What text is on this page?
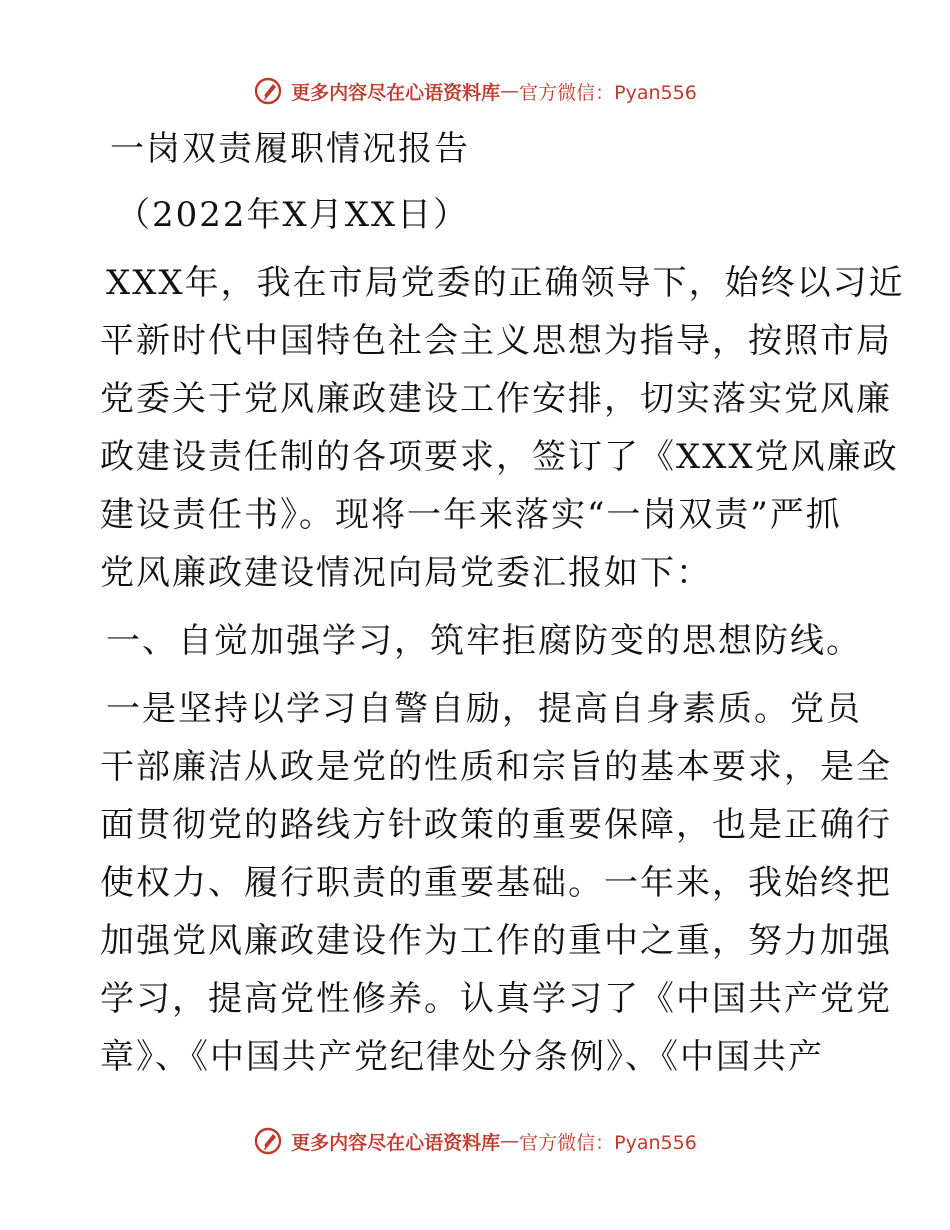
更多内容尽在心语资料库 — 官方微信：Pyan556
一岗双责履职情况报告
（2022年X月XX日）
XXX年，我在市局党委的正确领导下，始终以习近
平新时代中国特色社会主义思想为指导，按照市局
党委关于党风廉政建设工作安排，切实落实党风廉
政建设责任制的各项要求，签订了《XXX党风廉政
建设责任书》。现将一年来落实“一岗双责”严抓
党风廉政建设情况向局党委汇报如下：
一、自觉加强学习，筑牢拒腐防变的思想防线。
一是坚持以学习自警自励，提高自身素质。党员
干部廉洁从政是党的性质和宗旨的基本要求，是全
面贯彻党的路线方针政策的重要保障，也是正确行
使权力、履行职责的重要基础。一年来，我始终把
加强党风廉政建设作为工作的重中之重，努力加强
学习，提高党性修养。认真学习了《中国共产党党
章》、《中国共产党纪律处分条例》、《中国共产
更多内容尽在心语资料库 — 官方微信：Pyan556
